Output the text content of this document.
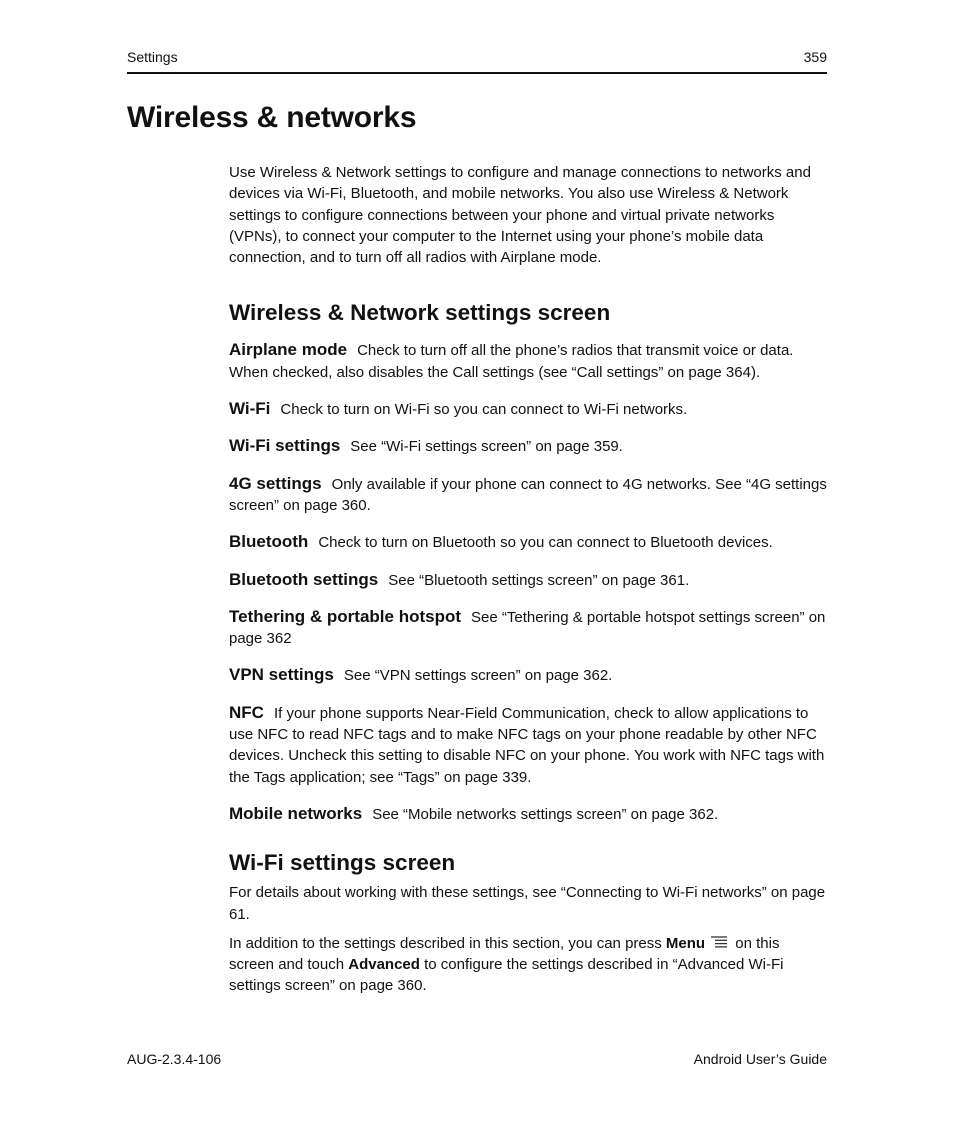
Settings	359
Wireless & networks

Use Wireless & Network settings to configure and manage connections to networks and devices via Wi-Fi, Bluetooth, and mobile networks. You also use Wireless & Network settings to configure connections between your phone and virtual private networks (VPNs), to connect your computer to the Internet using your phone’s mobile data connection, and to turn off all radios with Airplane mode.

Wireless & Network settings screen

Airplane mode Check to turn off all the phone’s radios that transmit voice or data. When checked, also disables the Call settings (see “Call settings” on page 364).

Wi-Fi Check to turn on Wi-Fi so you can connect to Wi-Fi networks.

Wi-Fi settings See “Wi-Fi settings screen” on page 359.

4G settings Only available if your phone can connect to 4G networks. See “4G settings screen” on page 360.

Bluetooth Check to turn on Bluetooth so you can connect to Bluetooth devices.

Bluetooth settings See “Bluetooth settings screen” on page 361.

Tethering & portable hotspot See “Tethering & portable hotspot settings screen” on page 362

VPN settings See “VPN settings screen” on page 362.

NFC If your phone supports Near-Field Communication, check to allow applications to use NFC to read NFC tags and to make NFC tags on your phone readable by other NFC devices. Uncheck this setting to disable NFC on your phone. You work with NFC tags with the Tags application; see “Tags” on page 339.

Mobile networks See “Mobile networks settings screen” on page 362.

Wi-Fi settings screen

For details about working with these settings, see “Connecting to Wi-Fi networks” on page 61.

In addition to the settings described in this section, you can press Menu on this screen and touch Advanced to configure the settings described in “Advanced Wi-Fi settings screen” on page 360.

AUG-2.3.4-106	Android User’s Guide
